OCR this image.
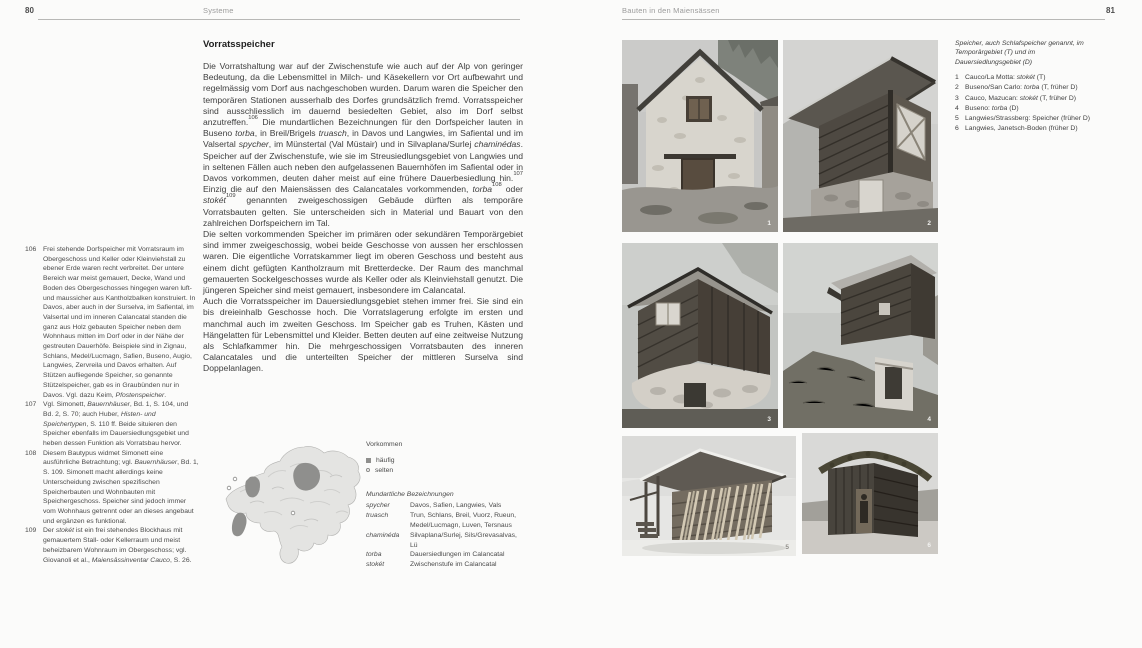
80	Systeme
Vorratsspeicher

Die Vorratshaltung war auf der Zwischenstufe wie auch auf der Alp von geringer Bedeutung, da die Lebensmittel in Milch- und Käsekellern vor Ort aufbewahrt und regelmässig vom Dorf aus nachgeschoben wurden. Darum waren die Speicher den temporären Stationen ausserhalb des Dorfes grundsätzlich fremd. Vorratsspeicher sind ausschliesslich im dauernd besiedelten Gebiet, also im Dorf selbst anzutreffen.$^{106}$ Die mundartlichen Bezeichnungen für den Dorfspeicher lauten in Buseno torba, in Breil/Brigels truasch, in Davos und Langwies, im Safiental und im Valsertal spycher, im Münstertal (Val Müstair) und in Silvaplana/Surlej chaminédas. Speicher auf der Zwischenstufe, wie sie im Streusiedlungsgebiet von Langwies und in seltenen Fällen auch neben den aufgelassenen Bauernhöfen im Safiental oder in Davos vorkommen, deuten daher meist auf eine frühere Dauerbesiedlung hin.$^{107}$ Einzig die auf den Maiensässen des Calancatales vorkommenden, torba$^{108}$ oder stokét$^{109}$ genannten zweigeschossigen Gebäude dürften als temporäre Vorratsbauten gelten. Sie unterscheiden sich in Material und Bauart von den zahlreichen Dorfspeichern im Tal.

Die selten vorkommenden Speicher im primären oder sekundären Temporärgebiet sind immer zweigeschossig, wobei beide Geschosse von aussen her erschlossen waren. Die eigentliche Vorratskammer liegt im oberen Geschoss und besteht aus einem dicht gefügten Kantholzraum mit Bretterdecke. Der Raum des manchmal gemauerten Sockelgeschosses wurde als Keller oder als Kleinviehstall genutzt. Die jüngeren Speicher sind meist gemauert, insbesondere im Calancatal.

Auch die Vorratsspeicher im Dauersiedlungsgebiet stehen immer frei. Sie sind ein bis dreieinhalb Geschosse hoch. Die Vorratslagerung erfolgte im ersten und manchmal auch im zweiten Geschoss. Im Speicher gab es Truhen, Kästen und Hängelatten für Lebensmittel und Kleider. Betten deuten auf eine zeitweise Nutzung als Schlafkammer hin. Die mehrgeschossigen Vorratsbauten des inneren Calancatales und die unterteilten Speicher der mittleren Surselva sind Doppelanlagen.

106 Frei stehende Dorfspeicher mit Vorratsraum im Obergeschoss und Keller oder Kleinviehstall zu ebener Erde waren recht verbreitet. Der untere Bereich war meist gemauert, Decke, Wand und Boden des Obergeschosses hingegen waren luft- und maussicher aus Kantholzbalken konstruiert. In Davos, aber auch in der Surselva, im Safiental, im Valsertal und im inneren Calancatal standen die ganz aus Holz gebauten Speicher neben dem Wohnhaus mitten im Dorf oder in der Nähe der gestreuten Dauerhöfe. Beispiele sind in Zignau, Schlans, Medel/Lucmagn, Safien, Buseno, Augio, Langwies, Zervreila und Davos erhalten. Auf Stützen aufliegende Speicher, so genannte Stützelspeicher, gab es in Graubünden nur in Davos. Vgl. dazu Keim, Pfostenspeicher.
107 Vgl. Simonett, Bauernhäuser, Bd. 1, S. 104, und Bd. 2, S. 70; auch Huber, Histen- und Speichertypen, S. 110 ff. Beide situieren den Speicher ebenfalls im Dauersiedlungsgebiet und heben dessen Funktion als Vorratsbau hervor.
108 Diesem Bautypus widmet Simonett eine ausführliche Betrachtung; vgl. Bauernhäuser, Bd. 1, S. 109. Simonett macht allerdings keine Unterscheidung zwischen spezifischen Speicherbauten und Wohnbauten mit Speichergeschoss. Speicher sind jedoch immer vom Wohnhaus getrennt oder an dieses angebaut und ergänzen es funktional.
109 Der stokét ist ein frei stehendes Blockhaus mit gemauertem Stall- oder Kellerraum und meist beheizbarem Wohnraum im Obergeschoss; vgl. Giovanoli et al., Maiensässinventar Cauco, S. 26.
Vorkommen
häufig
selten
Mundartliche Bezeichnungen
spycher	Davos, Safien, Langwies, Vals
truasch	Trun, Schlans, Breil, Vuorz, Rueun, Medel/Lucmagn, Luven, Tersnaus
chaminéda	Silvaplana/Surlej, Sils/Grevasalvas, Lü
torba	Dauersiedlungen im Calancatal
stokét	Zwischenstufe im Calancatal
Bauten in den Maiensässen	81
1	2
3	4
5	6
Speicher, auch Schlafspeicher genannt, im Temporärgebiet (T) und im Dauersiedlungsgebiet (D)
1 Cauco/La Motta: stokét (T)
2 Buseno/San Carlo: torba (T, früher D)
3 Cauco, Mazucan: stokét (T, früher D)
4 Buseno: torba (D)
5 Langwies/Strassberg: Speicher (früher D)
6 Langwies, Janetsch-Boden (früher D)
